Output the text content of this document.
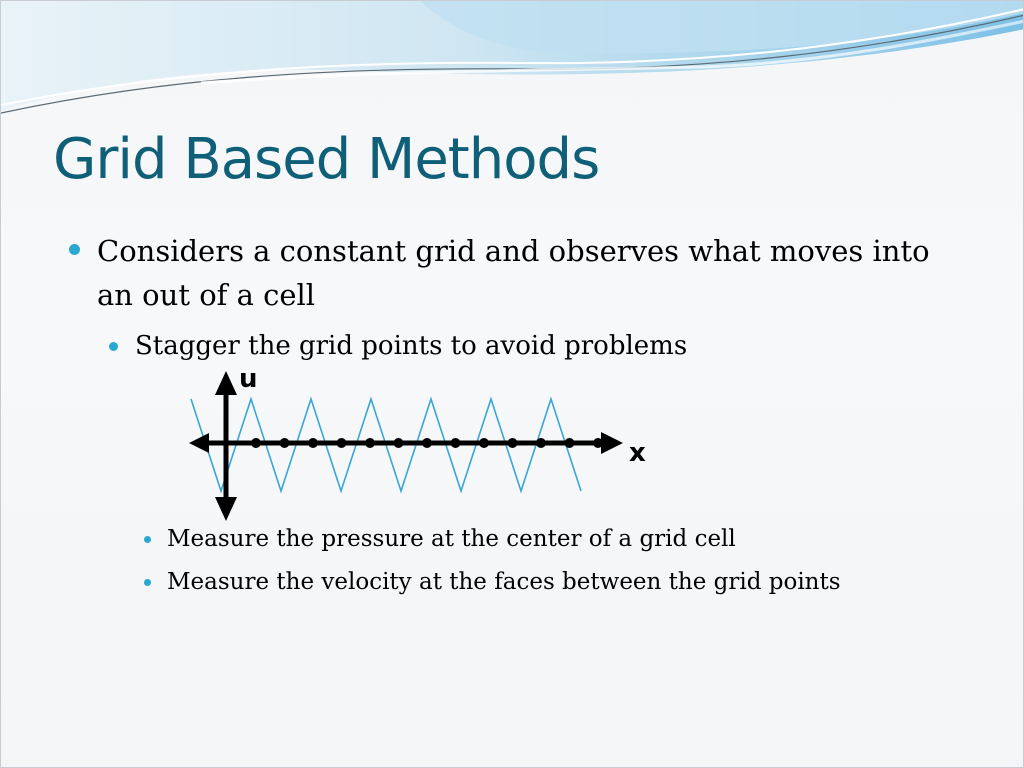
Grid Based Methods
Considers a constant grid and observes what moves into an out of a cell
Stagger the grid points to avoid problems
u
x
Measure the pressure at the center of a grid cell
Measure the velocity at the faces between the grid points
